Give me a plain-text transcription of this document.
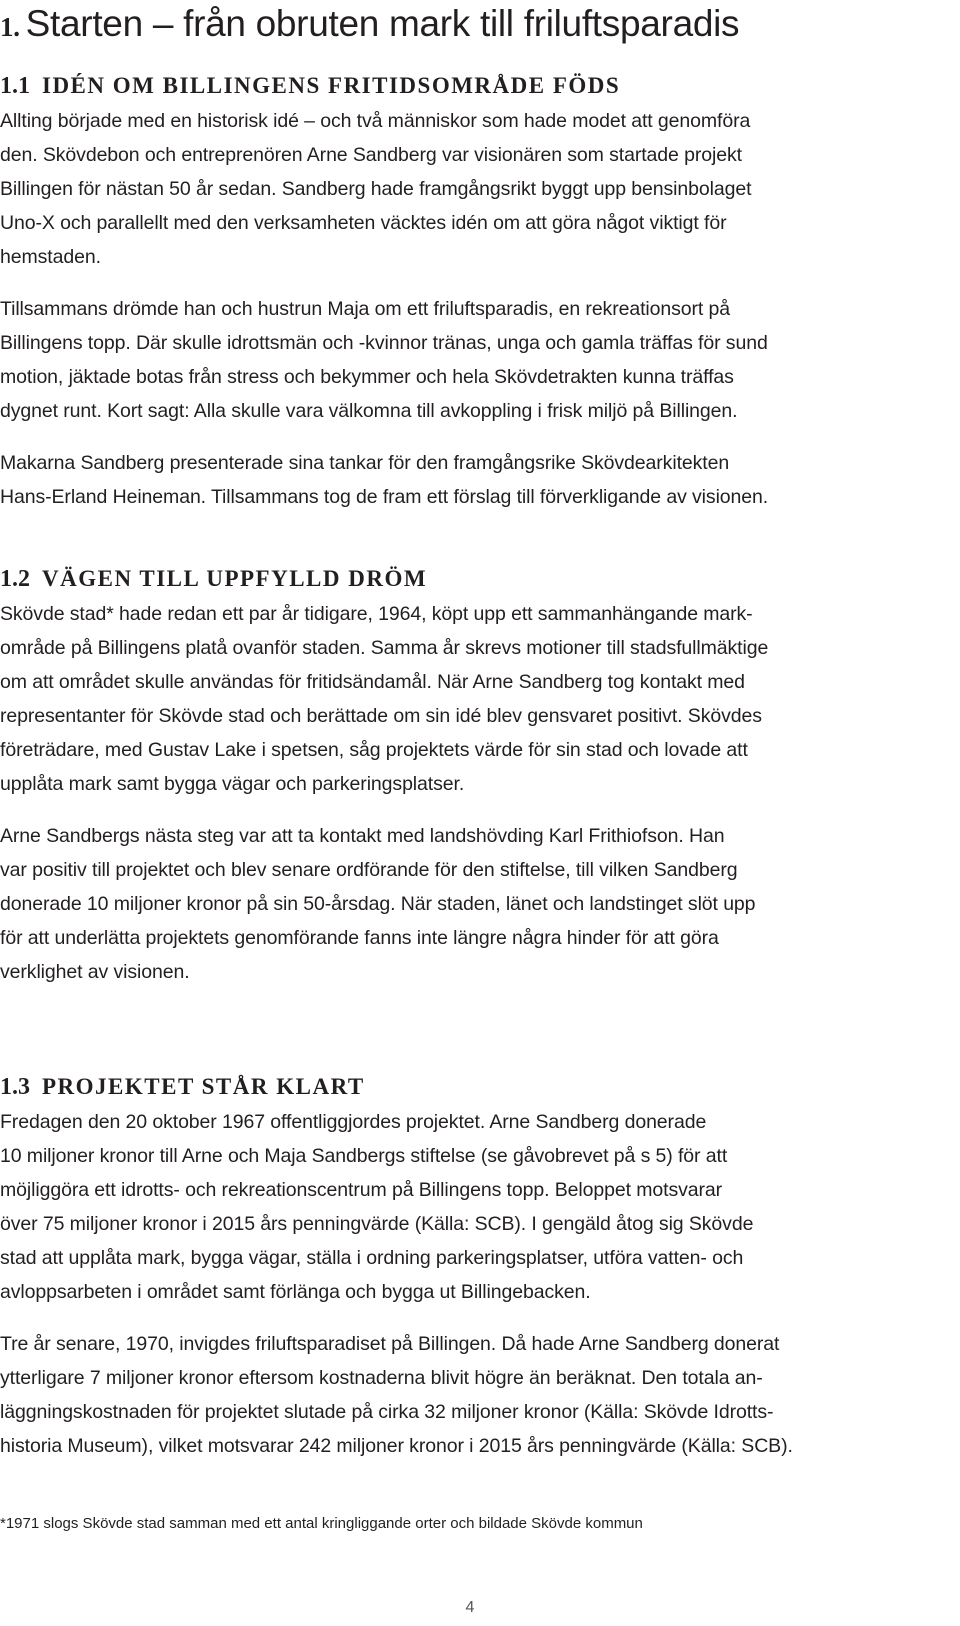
1. Starten – från obruten mark till friluftsparadis
1.1 IDÉN OM BILLINGENS FRITIDSOMRÅDE FÖDS

Allting började med en historisk idé – och två människor som hade modet att genomföra
den. Skövdebon och entreprenören Arne Sandberg var visionären som startade projekt
Billingen för nästan 50 år sedan. Sandberg hade framgångsrikt byggt upp bensinbolaget
Uno-X och parallellt med den verksamheten väcktes idén om att göra något viktigt för
hemstaden.

Tillsammans drömde han och hustrun Maja om ett friluftsparadis, en rekreationsort på
Billingens topp. Där skulle idrottsmän och -kvinnor tränas, unga och gamla träffas för sund
motion, jäktade botas från stress och bekymmer och hela Skövdetrakten kunna träffas
dygnet runt. Kort sagt: Alla skulle vara välkomna till avkoppling i frisk miljö på Billingen.

Makarna Sandberg presenterade sina tankar för den framgångsrike Skövdearkitekten
Hans-Erland Heineman. Tillsammans tog de fram ett förslag till förverkligande av visionen.

1.2 VÄGEN TILL UPPFYLLD DRÖM

Skövde stad* hade redan ett par år tidigare, 1964, köpt upp ett sammanhängande mark-
område på Billingens platå ovanför staden. Samma år skrevs motioner till stadsfullmäktige
om att området skulle användas för fritidsändamål. När Arne Sandberg tog kontakt med
representanter för Skövde stad och berättade om sin idé blev gensvaret positivt. Skövdes
företrädare, med Gustav Lake i spetsen, såg projektets värde för sin stad och lovade att
upplåta mark samt bygga vägar och parkeringsplatser.

Arne Sandbergs nästa steg var att ta kontakt med landshövding Karl Frithiofson. Han
var positiv till projektet och blev senare ordförande för den stiftelse, till vilken Sandberg
donerade 10 miljoner kronor på sin 50-årsdag. När staden, länet och landstinget slöt upp
för att underlätta projektets genomförande fanns inte längre några hinder för att göra
verklighet av visionen.

1.3 PROJEKTET STÅR KLART

Fredagen den 20 oktober 1967 offentliggjordes projektet. Arne Sandberg donerade
10 miljoner kronor till Arne och Maja Sandbergs stiftelse (se gåvobrevet på s 5) för att
möjliggöra ett idrotts- och rekreationscentrum på Billingens topp. Beloppet motsvarar
över 75 miljoner kronor i 2015 års penningvärde (Källa: SCB). I gengäld åtog sig Skövde
stad att upplåta mark, bygga vägar, ställa i ordning parkeringsplatser, utföra vatten- och
avloppsarbeten i området samt förlänga och bygga ut Billingebacken.

Tre år senare, 1970, invigdes friluftsparadiset på Billingen. Då hade Arne Sandberg donerat
ytterligare 7 miljoner kronor eftersom kostnaderna blivit högre än beräknat. Den totala an-
läggningskostnaden för projektet slutade på cirka 32 miljoner kronor (Källa: Skövde Idrotts-
historia Museum), vilket motsvarar 242 miljoner kronor i 2015 års penningvärde (Källa: SCB).

*1971 slogs Skövde stad samman med ett antal kringliggande orter och bildade Skövde kommun

4
